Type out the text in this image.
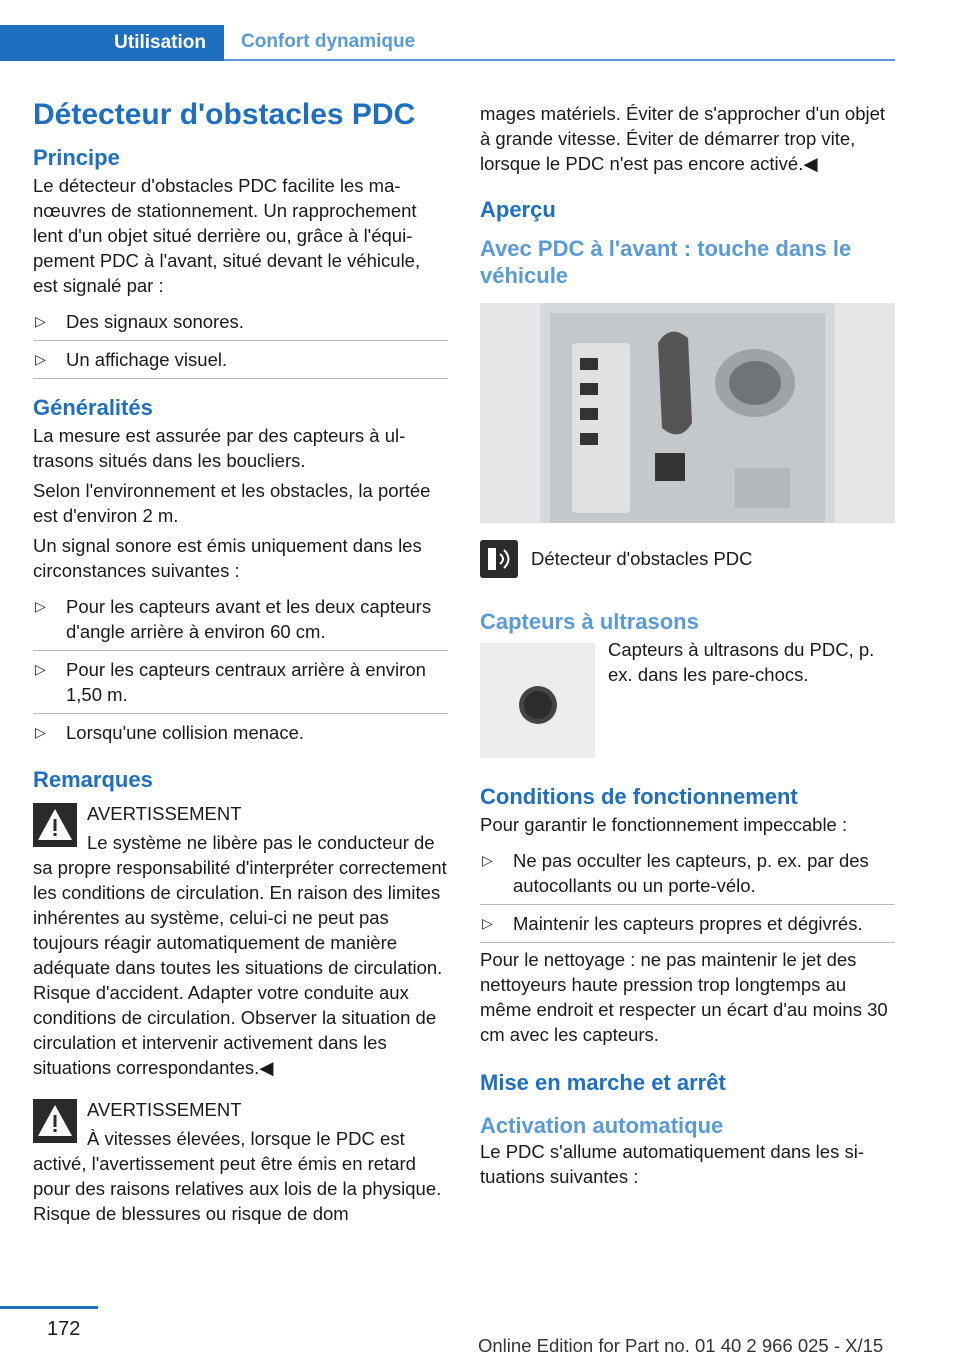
Utilisation	Confort dynamique
Détecteur d'obstacles PDC
Principe

Le détecteur d'obstacles PDC facilite les manœuvres de stationnement. Un rapprochement lent d'un objet situé derrière ou, grâce à l'équipement PDC à l'avant, situé devant le véhicule, est signalé par :

▷ Des signaux sonores.
▷ Un affichage visuel.
Généralités

La mesure est assurée par des capteurs à ultrasons situés dans les boucliers.

Selon l'environnement et les obstacles, la portée est d'environ 2 m.

Un signal sonore est émis uniquement dans les circonstances suivantes :

▷ Pour les capteurs avant et les deux capteurs d'angle arrière à environ 60 cm.
▷ Pour les capteurs centraux arrière à environ 1,50 m.
▷ Lorsqu'une collision menace.
Remarques

AVERTISSEMENT

Le système ne libère pas le conducteur de sa propre responsabilité d'interpréter correctement les conditions de circulation. En raison des limites inhérentes au système, celui-ci ne peut pas toujours réagir automatiquement de manière adéquate dans toutes les situations de circulation. Risque d'accident. Adapter votre conduite aux conditions de circulation. Observer la situation de circulation et intervenir activement dans les situations correspondantes.◀

AVERTISSEMENT

À vitesses élevées, lorsque le PDC est activé, l'avertissement peut être émis en retard pour des raisons relatives aux lois de la physique. Risque de blessures ou risque de dom

mages matériels. Éviter de s'approcher d'un objet à grande vitesse. Éviter de démarrer trop vite, lorsque le PDC n'est pas encore activé.◀

Aperçu
Avec PDC à l'avant : touche dans le véhicule

Détecteur d'obstacles PDC

Capteurs à ultrasons

Capteurs à ultrasons du PDC, p. ex. dans les pare-chocs.

Conditions de fonctionnement

Pour garantir le fonctionnement impeccable :

▷ Ne pas occulter les capteurs, p. ex. par des autocollants ou un porte-vélo.
▷ Maintenir les capteurs propres et dégivrés.

Pour le nettoyage : ne pas maintenir le jet des nettoyeurs haute pression trop longtemps au même endroit et respecter un écart d'au moins 30 cm avec les capteurs.

Mise en marche et arrêt
Activation automatique

Le PDC s'allume automatiquement dans les situations suivantes :

172
Online Edition for Part no. 01 40 2 966 025 - X/15
